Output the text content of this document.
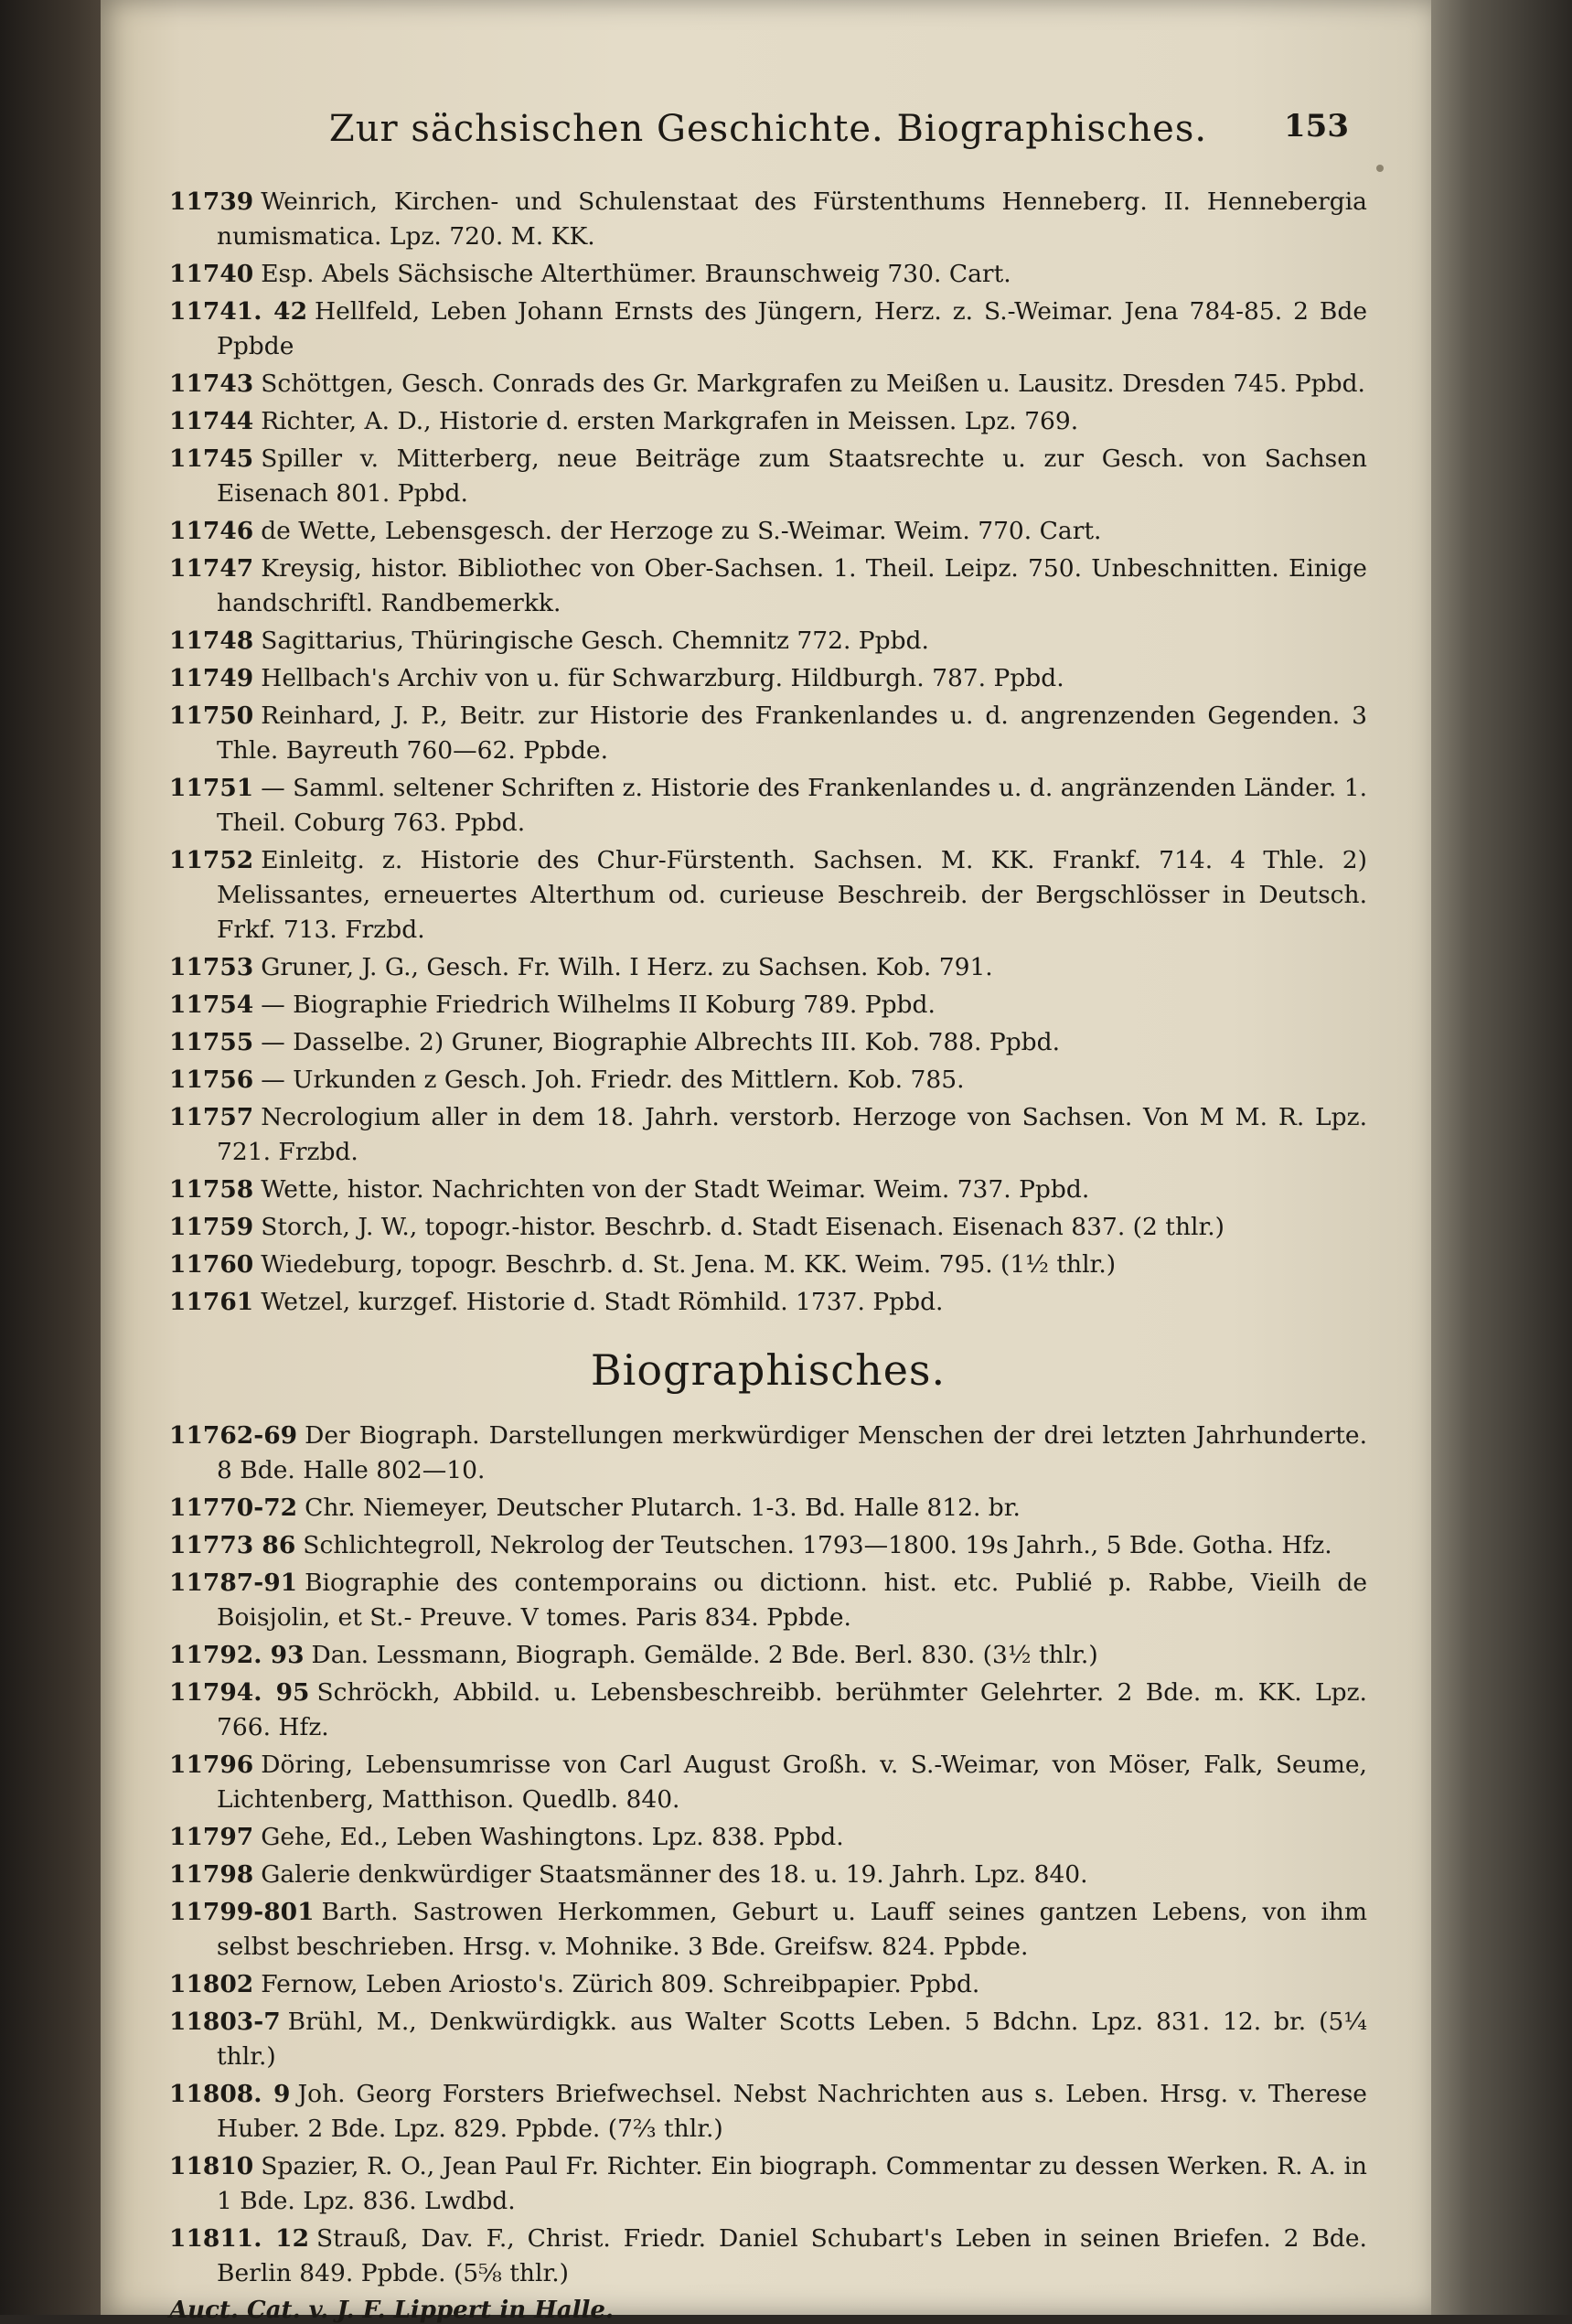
Zur sächsischen Geschichte. Biographisches.	153

11739 Weinrich, Kirchen- und Schulenstaat des Fürstenthums Henneberg. II. Hennebergia numismatica. Lpz. 720. M. KK.

11740 Esp. Abels Sächsische Alterthümer. Braunschweig 730. Cart.

11741. 42 Hellfeld, Leben Johann Ernsts des Jüngern, Herz. z. S.-Weimar. Jena 784-85. 2 Bde Ppbde

11743 Schöttgen, Gesch. Conrads des Gr. Markgrafen zu Meißen u. Lausitz. Dresden 745. Ppbd.

11744 Richter, A. D., Historie d. ersten Markgrafen in Meissen. Lpz. 769.

11745 Spiller v. Mitterberg, neue Beiträge zum Staatsrechte u. zur Gesch. von Sachsen Eisenach 801. Ppbd.

11746 de Wette, Lebensgesch. der Herzoge zu S.-Weimar. Weim. 770. Cart.

11747 Kreysig, histor. Bibliothec von Ober-Sachsen. 1. Theil. Leipz. 750. Unbeschnitten. Einige handschriftl. Randbemerkk.

11748 Sagittarius, Thüringische Gesch. Chemnitz 772. Ppbd.

11749 Hellbach's Archiv von u. für Schwarzburg. Hildburgh. 787. Ppbd.

11750 Reinhard, J. P., Beitr. zur Historie des Frankenlandes u. d. angrenzenden Gegenden. 3 Thle. Bayreuth 760—62. Ppbde.

11751 — Samml. seltener Schriften z. Historie des Frankenlandes u. d. angränzenden Länder. 1. Theil. Coburg 763. Ppbd.

11752 Einleitg. z. Historie des Chur-Fürstenth. Sachsen. M. KK. Frankf. 714. 4 Thle. 2) Melissantes, erneuertes Alterthum od. curieuse Beschreib. der Bergschlösser in Deutsch. Frkf. 713. Frzbd.

11753 Gruner, J. G., Gesch. Fr. Wilh. I Herz. zu Sachsen. Kob. 791.

11754 — Biographie Friedrich Wilhelms II Koburg 789. Ppbd.

11755 — Dasselbe. 2) Gruner, Biographie Albrechts III. Kob. 788. Ppbd.

11756 — Urkunden z Gesch. Joh. Friedr. des Mittlern. Kob. 785.

11757 Necrologium aller in dem 18. Jahrh. verstorb. Herzoge von Sachsen. Von M M. R. Lpz. 721. Frzbd.

11758 Wette, histor. Nachrichten von der Stadt Weimar. Weim. 737. Ppbd.

11759 Storch, J. W., topogr.-histor. Beschrb. d. Stadt Eisenach. Eisenach 837. (2 thlr.)

11760 Wiedeburg, topogr. Beschrb. d. St. Jena. M. KK. Weim. 795. (1½ thlr.)

11761 Wetzel, kurzgef. Historie d. Stadt Römhild. 1737. Ppbd.

Biographisches.

11762-69 Der Biograph. Darstellungen merkwürdiger Menschen der drei letzten Jahrhunderte. 8 Bde. Halle 802—10.

11770-72 Chr. Niemeyer, Deutscher Plutarch. 1-3. Bd. Halle 812. br.

11773 86 Schlichtegroll, Nekrolog der Teutschen. 1793—1800. 19s Jahrh., 5 Bde. Gotha. Hfz.

11787-91 Biographie des contemporains ou dictionn. hist. etc. Publié p. Rabbe, Vieilh de Boisjolin, et St.- Preuve. V tomes. Paris 834. Ppbde.

11792. 93 Dan. Lessmann, Biograph. Gemälde. 2 Bde. Berl. 830. (3½ thlr.)

11794. 95 Schröckh, Abbild. u. Lebensbeschreibb. berühmter Gelehrter. 2 Bde. m. KK. Lpz. 766. Hfz.

11796 Döring, Lebensumrisse von Carl August Großh. v. S.-Weimar, von Möser, Falk, Seume, Lichtenberg, Matthison. Quedlb. 840.

11797 Gehe, Ed., Leben Washingtons. Lpz. 838. Ppbd.

11798 Galerie denkwürdiger Staatsmänner des 18. u. 19. Jahrh. Lpz. 840.

11799-801 Barth. Sastrowen Herkommen, Geburt u. Lauff seines gantzen Lebens, von ihm selbst beschrieben. Hrsg. v. Mohnike. 3 Bde. Greifsw. 824. Ppbde.

11802 Fernow, Leben Ariosto's. Zürich 809. Schreibpapier. Ppbd.

11803-7 Brühl, M., Denkwürdigkk. aus Walter Scotts Leben. 5 Bdchn. Lpz. 831. 12. br. (5¼ thlr.)

11808. 9 Joh. Georg Forsters Briefwechsel. Nebst Nachrichten aus s. Leben. Hrsg. v. Therese Huber. 2 Bde. Lpz. 829. Ppbde. (7⅔ thlr.)

11810 Spazier, R. O., Jean Paul Fr. Richter. Ein biograph. Commentar zu dessen Werken. R. A. in 1 Bde. Lpz. 836. Lwdbd.

11811. 12 Strauß, Dav. F., Christ. Friedr. Daniel Schubart's Leben in seinen Briefen. 2 Bde. Berlin 849. Ppbde. (5⅝ thlr.)

Auct. Cat. v. J. F. Lippert in Halle.
